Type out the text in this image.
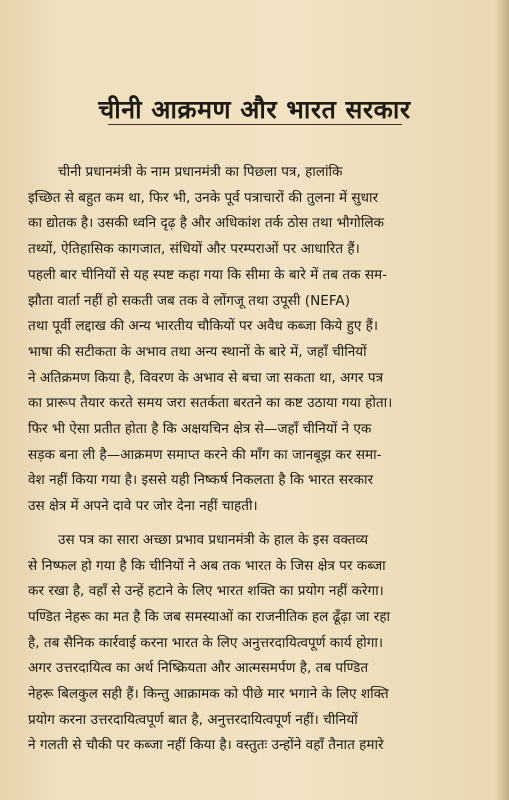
चीनी आक्रमण और भारत सरकार

चीनी प्रधानमंत्री के नाम प्रधानमंत्री का पिछला पत्र, हालांकि
इच्छित से बहुत कम था, फिर भी, उनके पूर्व पत्राचारों की तुलना में सुधार
का द्योतक है। उसकी ध्वनि दृढ़ है और अधिकांश तर्क ठोस तथा भौगोलिक
तथ्यों, ऐतिहासिक कागजात, संधियों और परम्पराओं पर आधारित हैं।
पहली बार चीनियों से यह स्पष्ट कहा गया कि सीमा के बारे में तब तक सम-
झौता वार्ता नहीं हो सकती जब तक वे लोंगजू तथा उपूसी (NEFA)
तथा पूर्वी लद्दाख की अन्य भारतीय चौकियों पर अवैध कब्जा किये हुए हैं।
भाषा की सटीकता के अभाव तथा अन्य स्थानों के बारे में, जहाँ चीनियों
ने अतिक्रमण किया है, विवरण के अभाव से बचा जा सकता था, अगर पत्र
का प्रारूप तैयार करते समय जरा सतर्कता बरतने का कष्ट उठाया गया होता।
फिर भी ऐसा प्रतीत होता है कि अक्षयचिन क्षेत्र से—जहाँ चीनियों ने एक
सड़क बना ली है—आक्रमण समाप्त करने की माँग का जानबूझ कर समा-
वेश नहीं किया गया है। इससे यही निष्कर्ष निकलता है कि भारत सरकार
उस क्षेत्र में अपने दावे पर जोर देना नहीं चाहती।

उस पत्र का सारा अच्छा प्रभाव प्रधानमंत्री के हाल के इस वक्तव्य
से निष्फल हो गया है कि चीनियों ने अब तक भारत के जिस क्षेत्र पर कब्जा
कर रखा है, वहाँ से उन्हें हटाने के लिए भारत शक्ति का प्रयोग नहीं करेगा।
पण्डित नेहरू का मत है कि जब समस्याओं का राजनीतिक हल ढूँढ़ा जा रहा
है, तब सैनिक कार्रवाई करना भारत के लिए अनुत्तरदायित्वपूर्ण कार्य होगा।
अगर उत्तरदायित्व का अर्थ निष्क्रियता और आत्मसमर्पण है, तब पण्डित
नेहरू बिलकुल सही हैं। किन्तु आक्रामक को पीछे मार भगाने के लिए शक्ति
प्रयोग करना उत्तरदायित्वपूर्ण बात है, अनुत्तरदायित्वपूर्ण नहीं। चीनियों
ने गलती से चौकी पर कब्जा नहीं किया है। वस्तुतः उन्होंने वहाँ तैनात हमारे
